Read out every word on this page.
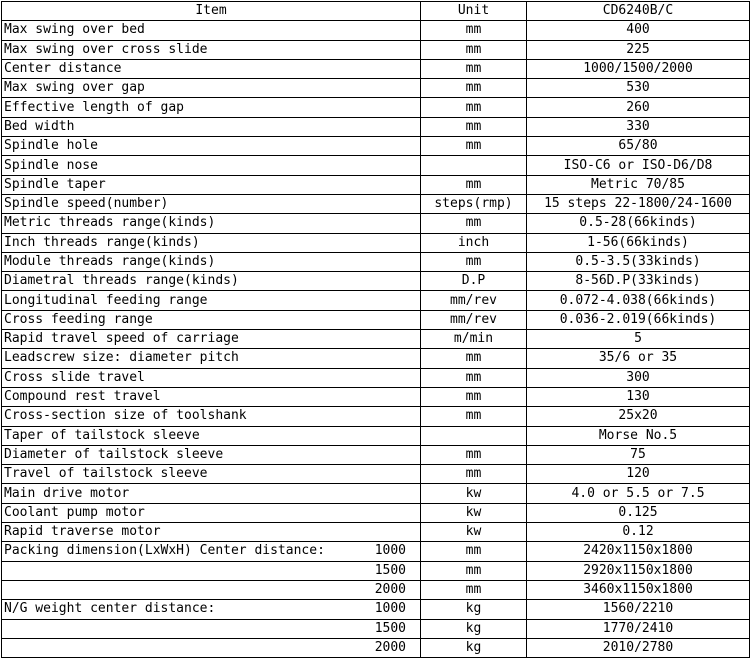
Item	Unit	CD6240B/C

Max swing over bed	mm	400

Max swing over cross slide	mm	225

Center distance	mm	1000/1500/2000

Max swing over gap	mm	530

Effective length of gap	mm	260

Bed width	mm	330

Spindle hole	mm	65/80

Spindle nose		ISO-C6 or ISO-D6/D8

Spindle taper	mm	Metric 70/85

Spindle speed(number)	steps(rmp)	15 steps 22-1800/24-1600

Metric threads range(kinds)	mm	0.5-28(66kinds)

Inch threads range(kinds)	inch	1-56(66kinds)

Module threads range(kinds)	mm	0.5-3.5(33kinds)

Diametral threads range(kinds)	D.P	8-56D.P(33kinds)

Longitudinal feeding range	mm/rev	0.072-4.038(66kinds)

Cross feeding range	mm/rev	0.036-2.019(66kinds)

Rapid travel speed of carriage	m/min	5

Leadscrew size: diameter pitch	mm	35/6 or 35

Cross slide travel	mm	300

Compound rest travel	mm	130

Cross-section size of toolshank	mm	25x20

Taper of tailstock sleeve		Morse No.5

Diameter of tailstock sleeve	mm	75

Travel of tailstock sleeve	mm	120

Main drive motor	kw	4.0 or 5.5 or 7.5

Coolant pump motor	kw	0.125

Rapid traverse motor	kw	0.12

Packing dimension(LxWxH) Center distance: 1000	mm	2420x1150x1800

1500	mm	2920x1150x1800

2000	mm	3460x1150x1800

N/G weight center distance: 1000	kg	1560/2210

1500	kg	1770/2410

2000	kg	2010/2780
